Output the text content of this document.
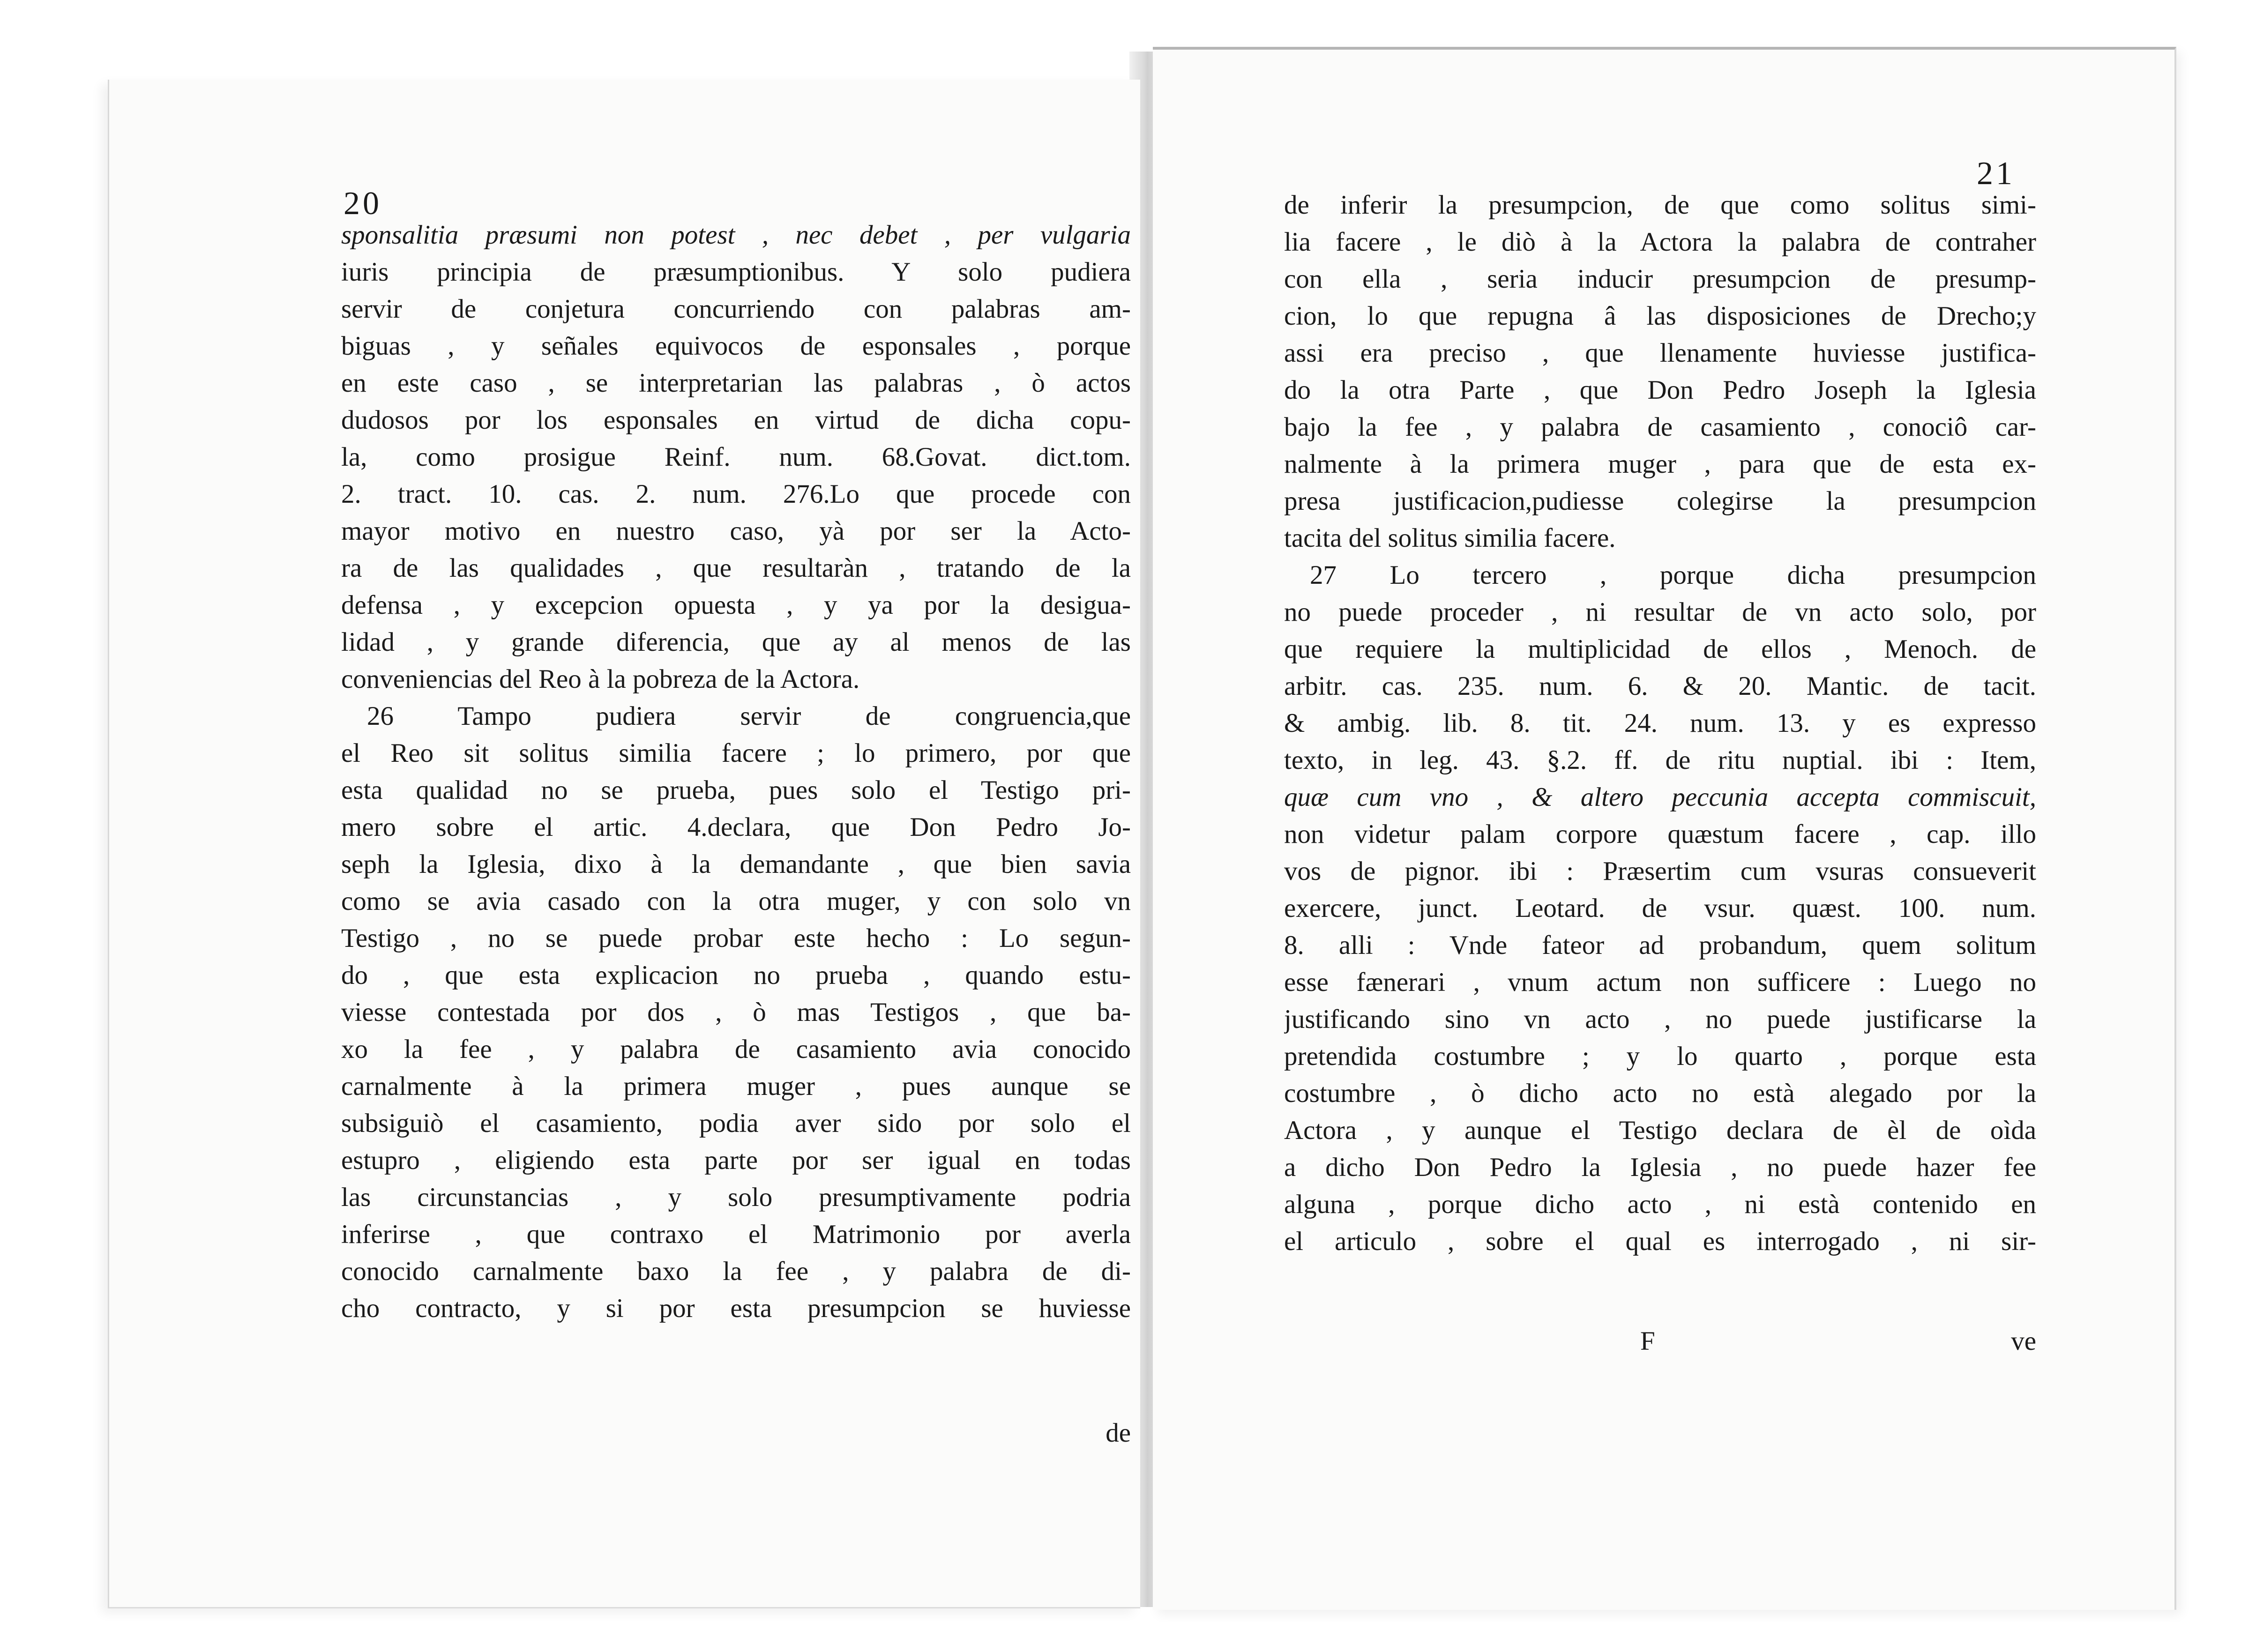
20
sponsalitia præsumi non potest , nec debet , per vulgaria
iuris principia de præsumptionibus. Y solo pudiera
servir de conjetura concurriendo con palabras am-
biguas , y señales equivocos de esponsales , porque
en este caso , se interpretarian las palabras , ò actos
dudosos por los esponsales en virtud de dicha copu-
la, como prosigue Reinf. num. 68.Govat. dict.tom.
2. tract. 10. cas. 2. num. 276.Lo que procede con
mayor motivo en nuestro caso, yà por ser la Acto-
ra de las qualidades , que resultaràn , tratando de la
defensa , y excepcion opuesta , y ya por la desigua-
lidad , y grande diferencia, que ay al menos de las
conveniencias del Reo à la pobreza de la Actora.
26 Tampo pudiera servir de congruencia,que
el Reo sit solitus similia facere ; lo primero, por que
esta qualidad no se prueba, pues solo el Testigo pri-
mero sobre el artic. 4.declara, que Don Pedro Jo-
seph la Iglesia, dixo à la demandante , que bien savia
como se avia casado con la otra muger, y con solo vn
Testigo , no se puede probar este hecho : Lo segun-
do , que esta explicacion no prueba , quando estu-
viesse contestada por dos , ò mas Testigos , que ba-
xo la fee , y palabra de casamiento avia conocido
carnalmente à la primera muger , pues aunque se
subsiguiò el casamiento, podia aver sido por solo el
estupro , eligiendo esta parte por ser igual en todas
las circunstancias , y solo presumptivamente podria
inferirse , que contraxo el Matrimonio por averla
conocido carnalmente baxo la fee , y palabra de di-
cho contracto, y si por esta presumpcion se huviesse
de
21
de inferir la presumpcion, de que como solitus simi-
lia facere , le diò à la Actora la palabra de contraher
con ella , seria inducir presumpcion de presump-
cion, lo que repugna â las disposiciones de Drecho;y
assi era preciso , que llenamente huviesse justifica-
do la otra Parte , que Don Pedro Joseph la Iglesia
bajo la fee , y palabra de casamiento , conociô car-
nalmente à la primera muger , para que de esta ex-
presa justificacion,pudiesse colegirse la presumpcion
tacita del solitus similia facere.
27 Lo tercero , porque dicha presumpcion
no puede proceder , ni resultar de vn acto solo, por
que requiere la multiplicidad de ellos , Menoch. de
arbitr. cas. 235. num. 6. & 20. Mantic. de tacit.
& ambig. lib. 8. tit. 24. num. 13. y es expresso
texto, in leg. 43. §.2. ff. de ritu nuptial. ibi : Item,
quæ cum vno , & altero peccunia accepta commiscuit,
non videtur palam corpore quæstum facere , cap. illo
vos de pignor. ibi : Præsertim cum vsuras consueverit
exercere, junct. Leotard. de vsur. quæst. 100. num.
8. alli : Vnde fateor ad probandum, quem solitum
esse fænerari , vnum actum non sufficere : Luego no
justificando sino vn acto , no puede justificarse la
pretendida costumbre ; y lo quarto , porque esta
costumbre , ò dicho acto no està alegado por la
Actora , y aunque el Testigo declara de èl de oìda
a dicho Don Pedro la Iglesia , no puede hazer fee
alguna , porque dicho acto , ni està contenido en
el articulo , sobre el qual es interrogado , ni sir-
F	ve
